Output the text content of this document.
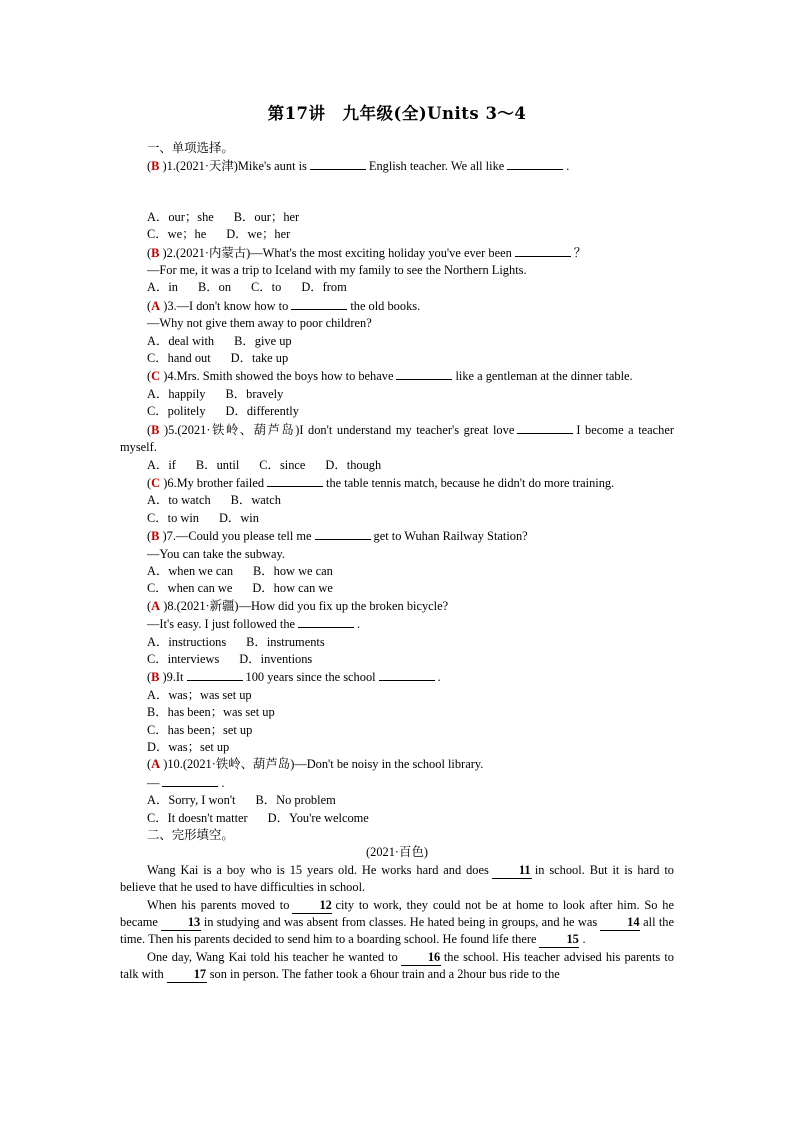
第17讲　九年级(全)Units 3～4
一、单项选择。
(B )1.(2021·天津)Mike's aunt is	English teacher. We all like	.
A．our；she B．our；her
C．we；he D．we；her
(B )2.(2021·内蒙古)—What's the most exciting holiday you've ever been	？
—For me, it was a trip to Iceland with my family to see the Northern Lights.
A．in B．on C．to D．from
(A )3.—I don't know how to	the old books.
—Why not give them away to poor children?
A．deal with B．give up
C．hand out D．take up
(C )4.Mrs. Smith showed the boys how to behave	like a gentleman at the dinner table.
A．happily B．bravely
C．politely D．differently
(B )5.(2021·铁岭、葫芦岛)I don't understand my teacher's great love	I become a teacher myself.
A．if B．until C．since D．though
(C )6.My brother failed	the table tennis match, because he didn't do more training.
A．to watch B．watch
C．to win D．win
(B )7.—Could you please tell me	get to Wuhan Railway Station?
—You can take the subway.
A．when we can B．how we can
C．when can we D．how can we
(A )8.(2021·新疆)—How did you fix up the broken bicycle?
—It's easy. I just followed the	.
A．instructions B．instruments
C．interviews D．inventions
(B )9.It	100 years since the school	.
A．was；was set up
B．has been；was set up
C．has been；set up
D．was；set up
(A )10.(2021·铁岭、葫芦岛)—Don't be noisy in the school library.
—	.
A．Sorry, I won't B．No problem
C．It doesn't matter D．You're welcome
二、完形填空。
(2021·百色)
Wang Kai is a boy who is 15 years old. He works hard and does 11 in school. But it is hard to believe that he used to have difficulties in school.
When his parents moved to 12 city to work, they could not be at home to look after him. So he became 13 in studying and was absent from classes. He hated being in groups, and he was 14 all the time. Then his parents decided to send him to a boarding school. He found life there 15 .
One day, Wang Kai told his teacher he wanted to 16 the school. His teacher advised his parents to talk with 17 son in person. The father took a 6hour train and a 2hour bus ride to the
